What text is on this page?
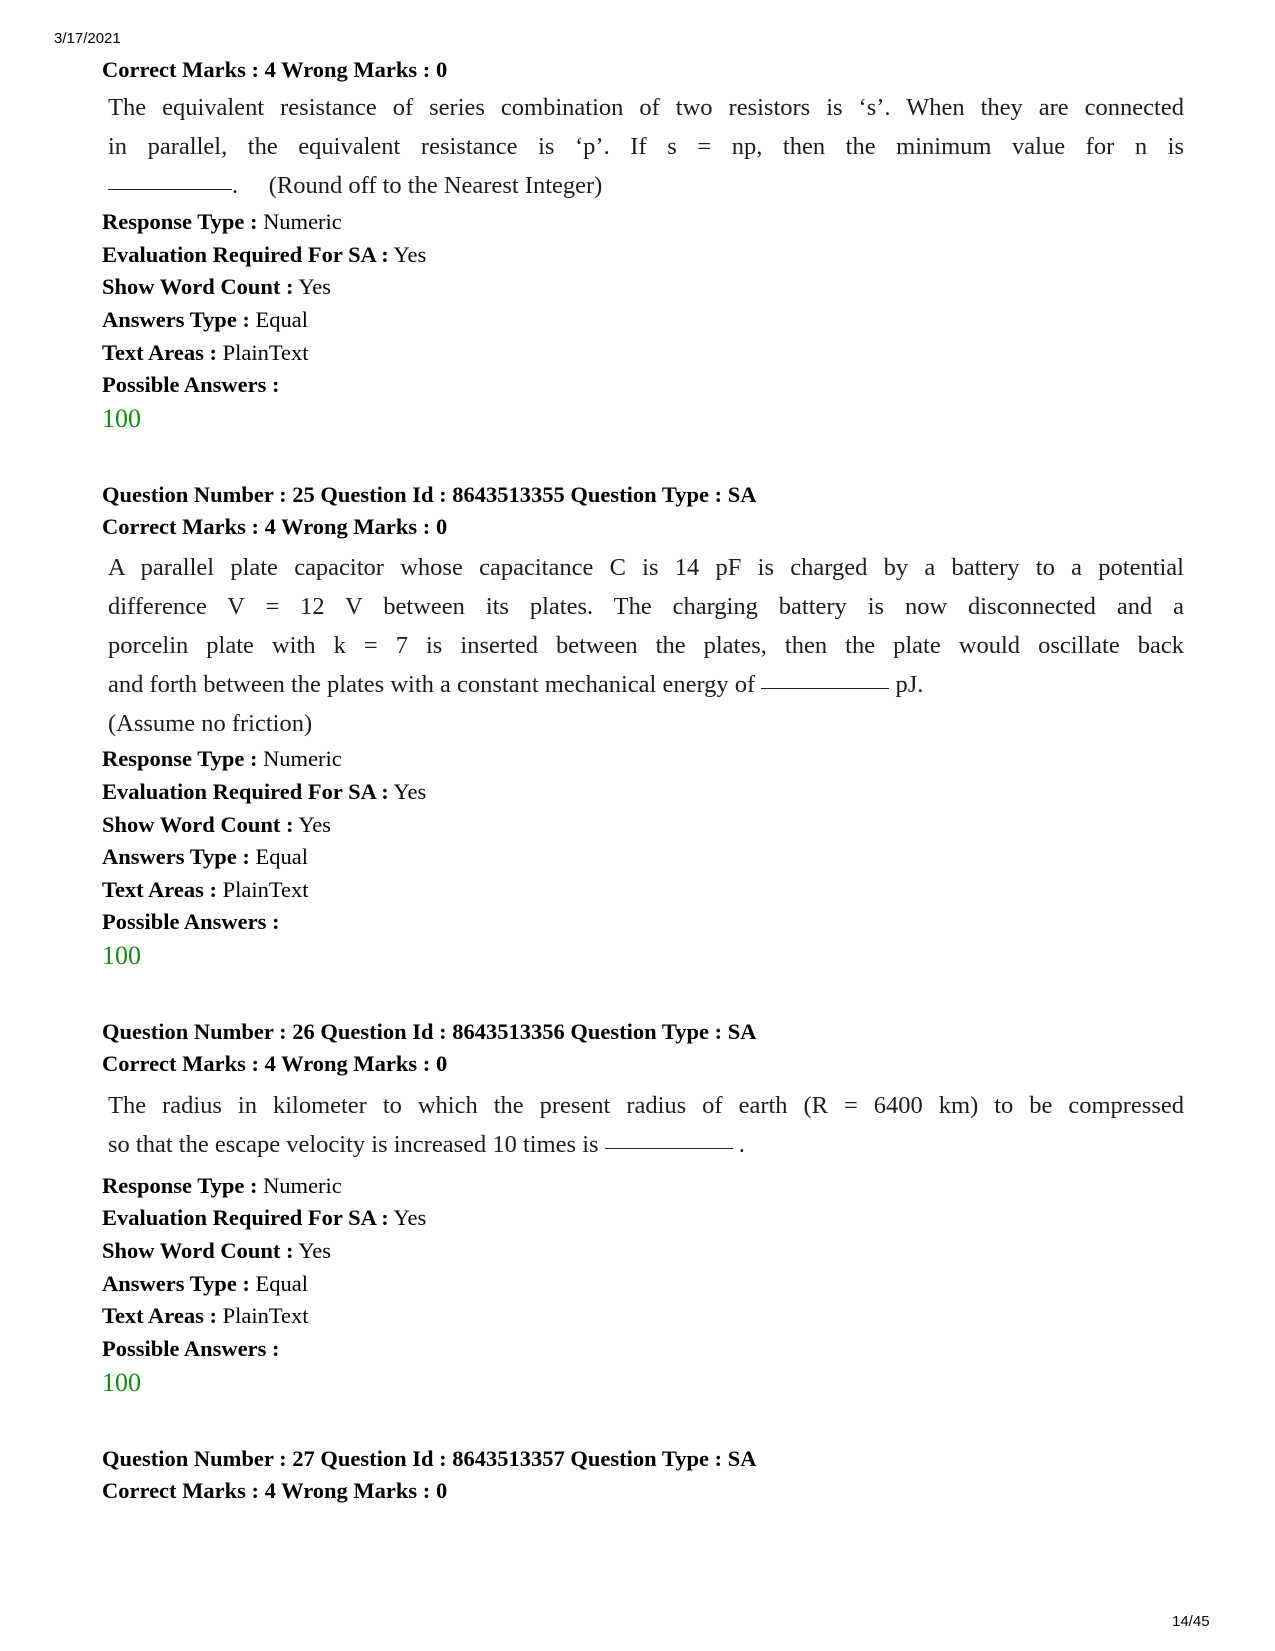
3/17/2021
Correct Marks : 4 Wrong Marks : 0
The equivalent resistance of series combination of two resistors is ‘s’. When they are connected
in parallel, the equivalent resistance is ‘p’. If s = np, then the minimum value for n is
.     (Round off to the Nearest Integer)
Response Type : Numeric
Evaluation Required For SA : Yes
Show Word Count : Yes
Answers Type : Equal
Text Areas : PlainText
Possible Answers :
100
Question Number : 25 Question Id : 8643513355 Question Type : SA
Correct Marks : 4 Wrong Marks : 0
A parallel plate capacitor whose capacitance C is 14 pF is charged by a battery to a potential
difference V = 12 V between its plates. The charging battery is now disconnected and a
porcelin plate with k = 7 is inserted between the plates, then the plate would oscillate back
and forth between the plates with a constant mechanical energy of	pJ.
(Assume no friction)
Response Type : Numeric
Evaluation Required For SA : Yes
Show Word Count : Yes
Answers Type : Equal
Text Areas : PlainText
Possible Answers :
100
Question Number : 26 Question Id : 8643513356 Question Type : SA
Correct Marks : 4 Wrong Marks : 0
The radius in kilometer to which the present radius of earth (R = 6400 km) to be compressed
so that the escape velocity is increased 10 times is	.
Response Type : Numeric
Evaluation Required For SA : Yes
Show Word Count : Yes
Answers Type : Equal
Text Areas : PlainText
Possible Answers :
100
Question Number : 27 Question Id : 8643513357 Question Type : SA
Correct Marks : 4 Wrong Marks : 0
14/45
